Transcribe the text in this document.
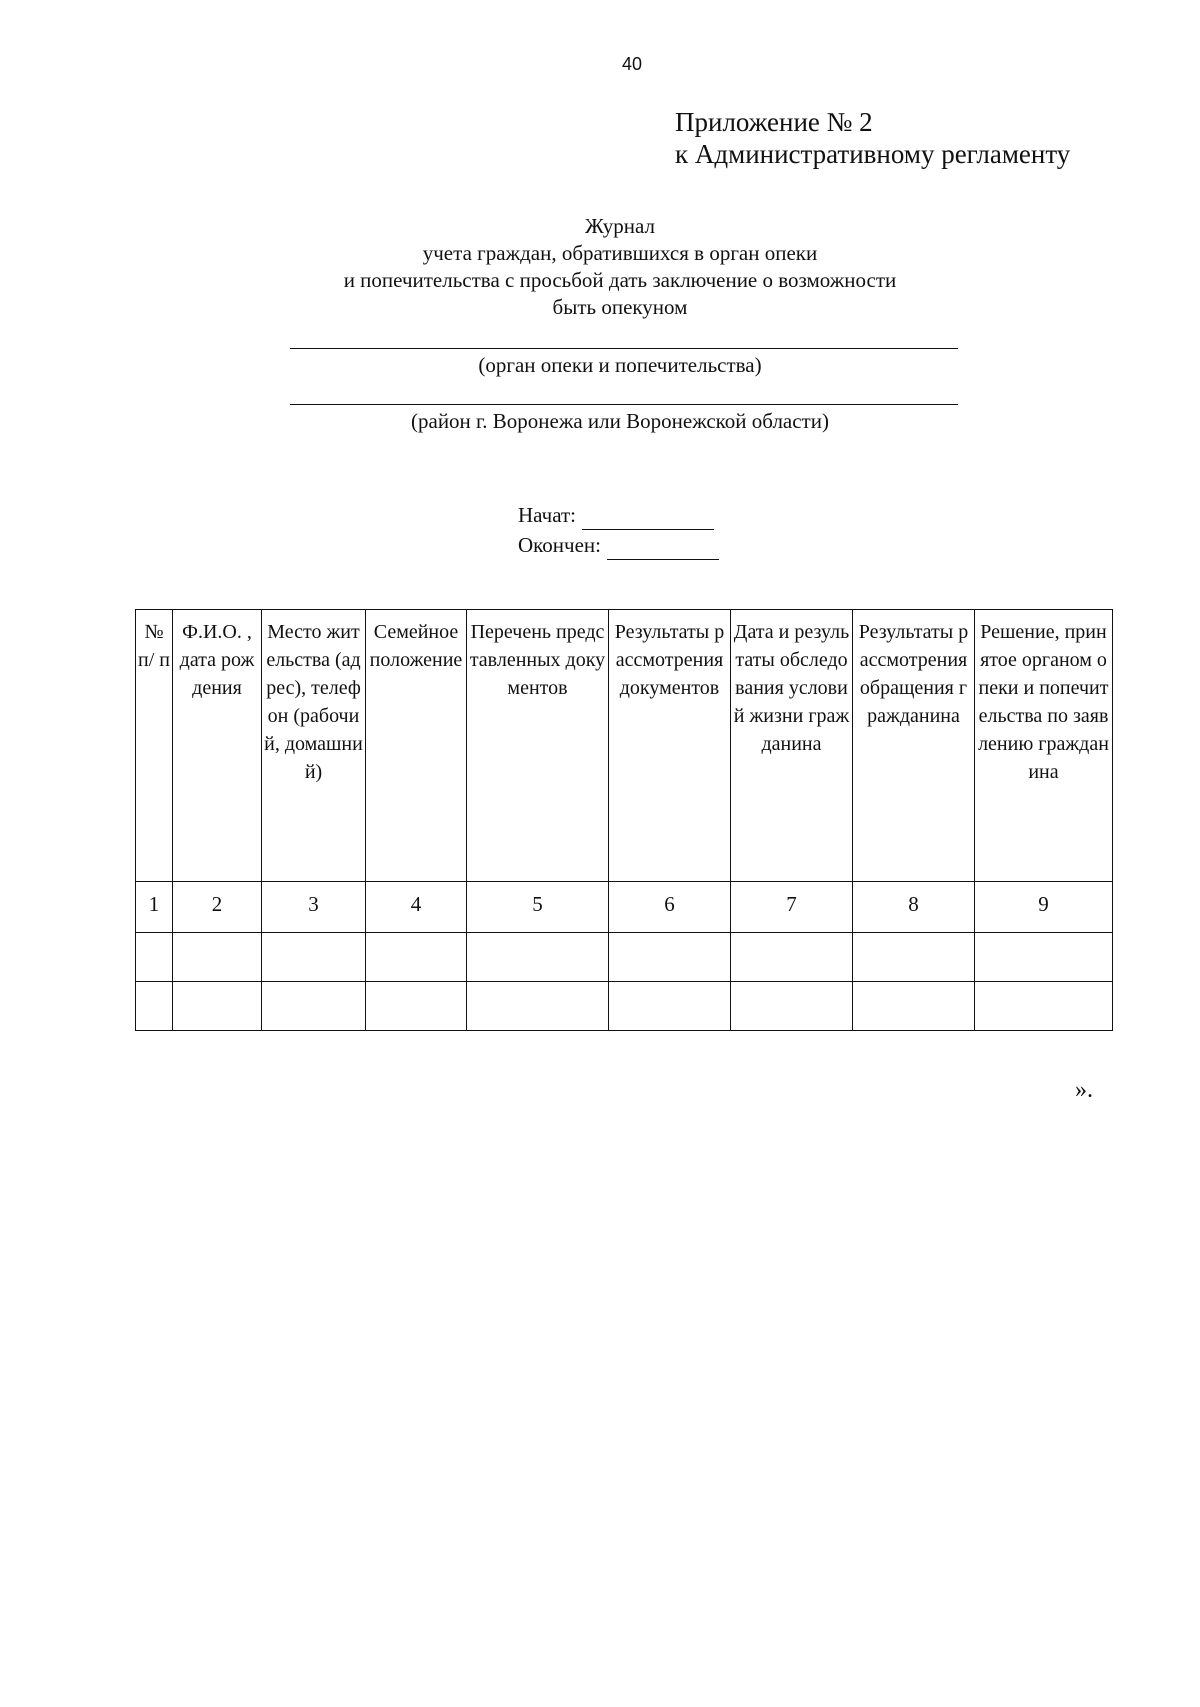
40
Приложение № 2
к Административному регламенту
Журнал
учета граждан, обратившихся в орган опеки
и попечительства с просьбой дать заключение о возможности
быть опекуном
(орган опеки и попечительства)
(район г. Воронежа или Воронежской области)
Начат:
Окончен:
№ п/ п	Ф.И.О. , дата рождения	Место жительства (адрес), телефон (рабочий, домашний)	Семейное положение	Перечень представленных документов	Результаты рассмотрения документов	Дата и результаты обследования условий жизни гражданина	Результаты рассмотрения обращения гражданина	Решение, принятое органом опеки и попечительства по заявлению гражданина
1	2	3	4	5	6	7	8	9

».
